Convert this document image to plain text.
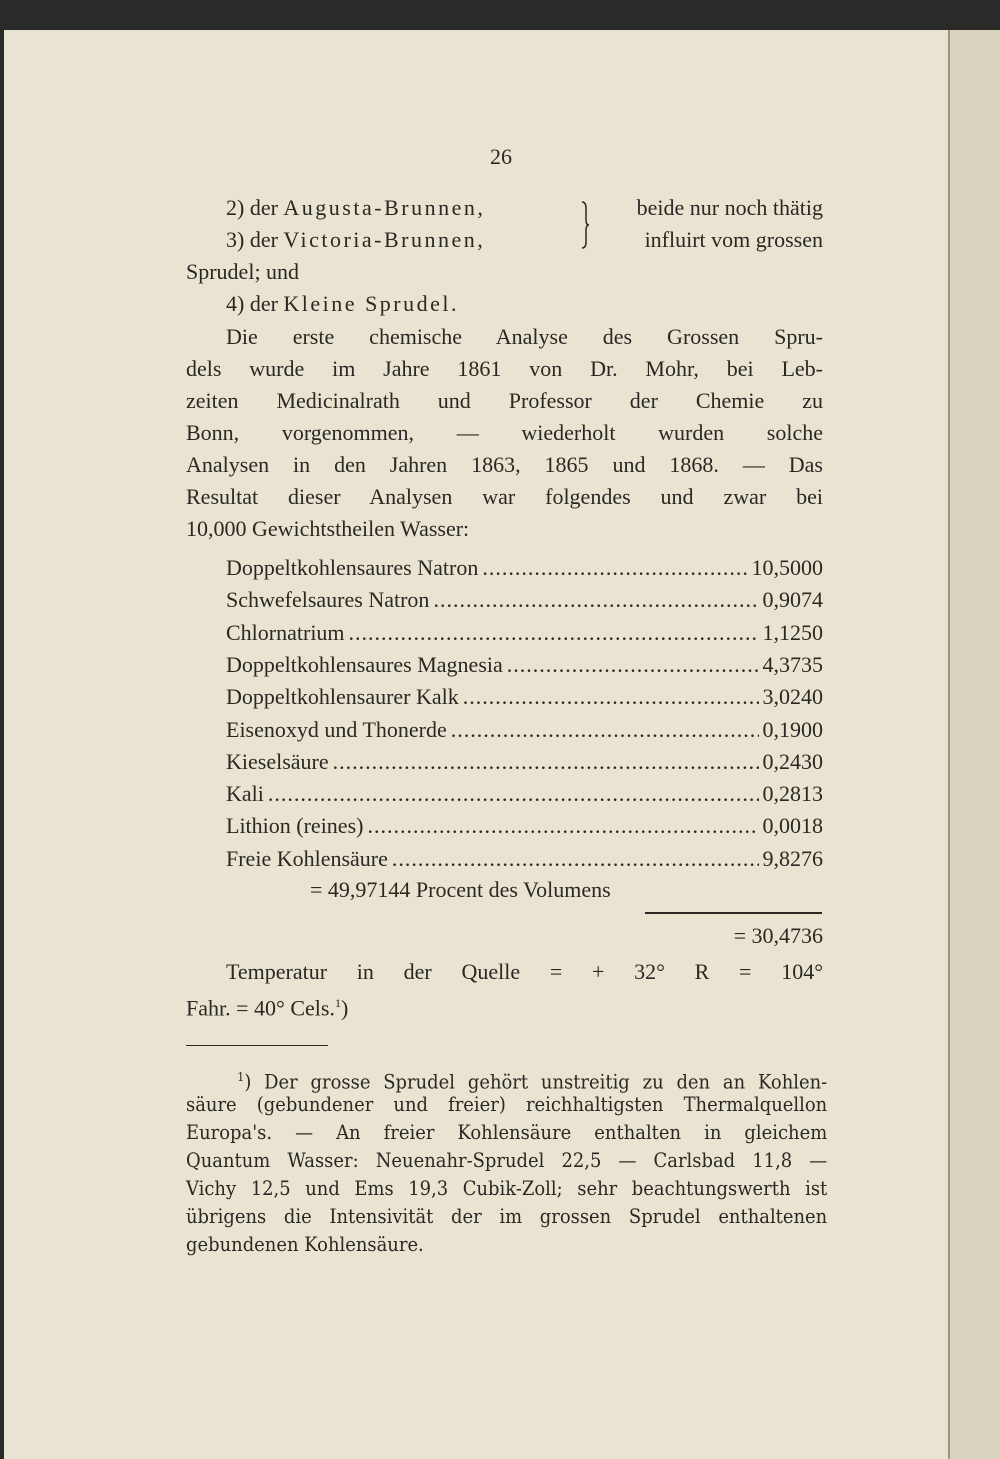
26
2) der Augusta-Brunnen,	beide nur noch thätig
3) der Victoria-Brunnen,	influirt vom grossen
Sprudel; und
4) der Kleine Sprudel.
Die erste chemische Analyse des Grossen Spru-
dels wurde im Jahre 1861 von Dr. Mohr, bei Leb-
zeiten Medicinalrath und Professor der Chemie zu
Bonn, vorgenommen, — wiederholt wurden solche
Analysen in den Jahren 1863, 1865 und 1868. — Das
Resultat dieser Analysen war folgendes und zwar bei
10,000 Gewichtstheilen Wasser:
Doppeltkohlensaures Natron .....	10,5000
Schwefelsaures Natron .....	0,9074
Chlornatrium .....	1,1250
Doppeltkohlensaures Magnesia .....	4,3735
Doppeltkohlensaurer Kalk .....	3,0240
Eisenoxyd und Thonerde .....	0,1900
Kieselsäure .....	0,2430
Kali .....	0,2813
Lithion (reines) .....	0,0018
Freie Kohlensäure .....	9,8276
= 49,97144 Procent des Volumens
= 30,4736
Temperatur in der Quelle = + 32° R = 104°
Fahr. = 40° Cels.$^1$)
$^1$) Der grosse Sprudel gehört unstreitig zu den an Kohlen-
säure (gebundener und freier) reichhaltigsten Thermalquellon
Europa's. — An freier Kohlensäure enthalten in gleichem
Quantum Wasser: Neuenahr-Sprudel 22,5 — Carlsbad 11,8 —
Vichy 12,5 und Ems 19,3 Cubik-Zoll; sehr beachtungswerth ist
übrigens die Intensivität der im grossen Sprudel enthaltenen
gebundenen Kohlensäure.
